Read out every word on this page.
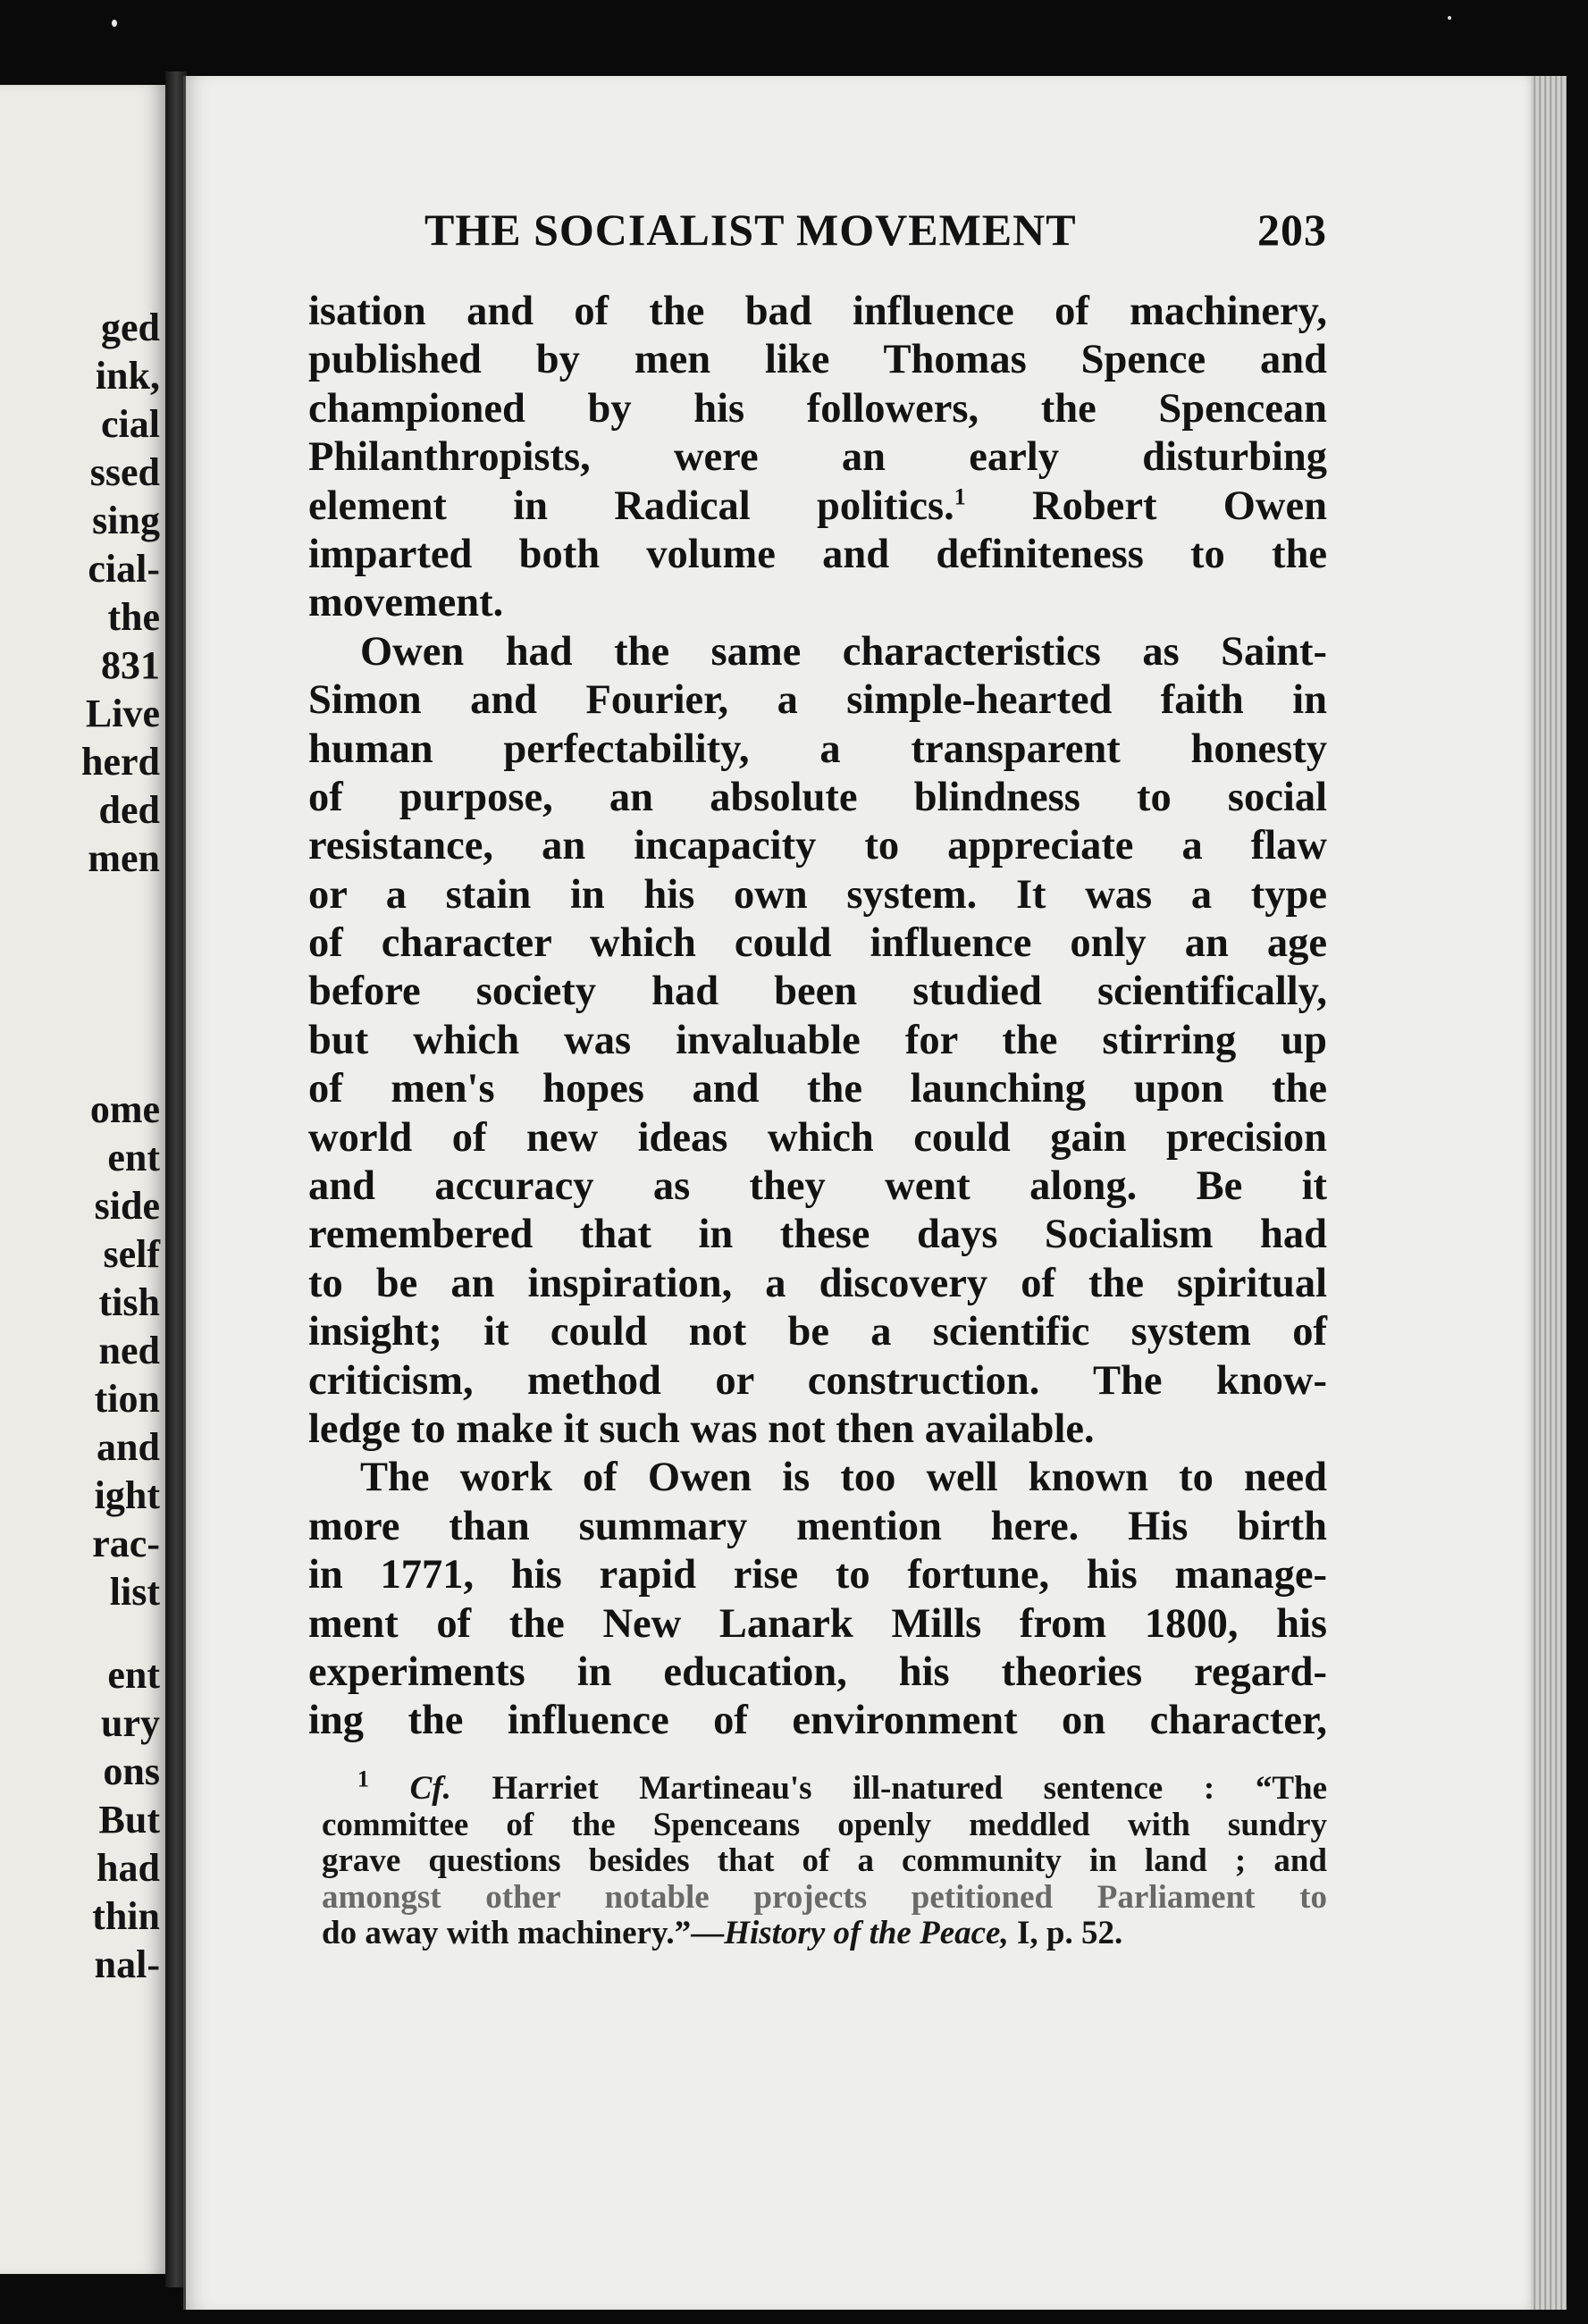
ged
ink,
cial
ssed
sing
cial-
the
831
Live
herd
ded
men
ome
ent
side
self
tish
ned
tion
and
ight
rac-
list
ent
ury
ons
But
had
thin
nal-
THE SOCIALIST MOVEMENT	203
isation and of the bad influence of machinery,
published by men like Thomas Spence and
championed by his followers, the Spencean
Philanthropists, were an early disturbing
element in Radical politics.$^1$ Robert Owen
imparted both volume and definiteness to the
movement.
Owen had the same characteristics as Saint-
Simon and Fourier, a simple-hearted faith in
human perfectability, a transparent honesty
of purpose, an absolute blindness to social
resistance, an incapacity to appreciate a flaw
or a stain in his own system. It was a type
of character which could influence only an age
before society had been studied scientifically,
but which was invaluable for the stirring up
of men's hopes and the launching upon the
world of new ideas which could gain precision
and accuracy as they went along. Be it
remembered that in these days Socialism had
to be an inspiration, a discovery of the spiritual
insight; it could not be a scientific system of
criticism, method or construction. The know-
ledge to make it such was not then available.
The work of Owen is too well known to need
more than summary mention here. His birth
in 1771, his rapid rise to fortune, his manage-
ment of the New Lanark Mills from 1800, his
experiments in education, his theories regard-
ing the influence of environment on character,
$^1$ Cf. Harriet Martineau's ill-natured sentence : “The
committee of the Spenceans openly meddled with sundry
grave questions besides that of a community in land ; and
amongst other notable projects petitioned Parliament to
do away with machinery.”—History of the Peace, I, p. 52.
